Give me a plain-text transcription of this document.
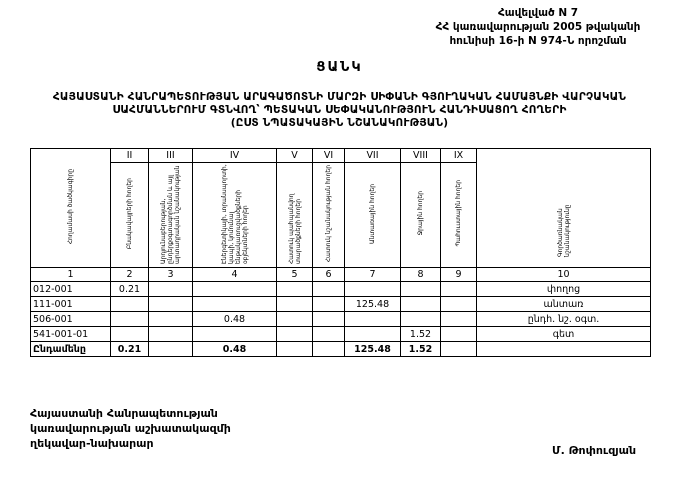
Հավելված N 7
ՀՀ կառավարության 2005 թվականի
հունիսի 16-ի N 974-Ն որոշման
ՑԱՆԿ
ՀԱՅԱՍՏԱՆԻ ՀԱՆՐԱՊԵՏՈՒԹՅԱՆ ԱՐԱԳԱԾՈՏՆԻ ՄԱՐԶԻ ՍԻՓԱՆԻ ԳՅՈՒՂԱԿԱՆ ՀԱՄԱՅՆՔԻ ՎԱՐՉԱԿԱՆ
ՍԱՀՄԱՆՆԵՐՈՒՄ ԳՏՆՎՈՂ՝ ՊԵՏԱԿԱՆ ՍԵՓԱԿԱՆՈՒԹՅՈՒՆ ՀԱՆԴԻՍԱՑՈՂ ՀՈՂԵՐԻ
(ԸՍՏ ՆՊԱՏԱԿԱՅԻՆ ՆՇԱՆԱԿՈՒԹՅԱՆ)
Հողամասի ծածկագիրը	II	III	IV	V	VI	VII	VIII	IX	Գործառնական նշանակությունը
	Բնակավայրերի հողեր	Արդյունաբերության, ընդերքօգտագործման և այլ արտադրական նշանակության	Էներգետիկայի, տրանսպորտի, կապի, կոմունալ ենթակառուցվածքների օբյեկտների հողեր	Հատուկ պահպանվող տարածքների հողեր	Հատուկ նշանակության հողեր	Անտառային հողեր	Ջրային հողեր	Պահուստային հողեր	
1	2	3	4	5	6	7	8	9	10
012-001	0.21								փողոց
111-001						125.48			անտառ
506-001			0.48						ընդհ. նշ. օգտ.
541-001-01							1.52		գետ
Ընդամենը	0.21		0.48			125.48	1.52		
Հայաստանի Հանրապետության
կառավարության աշխատակազմի
ղեկավար-նախարար
Մ. Թոփուզյան
